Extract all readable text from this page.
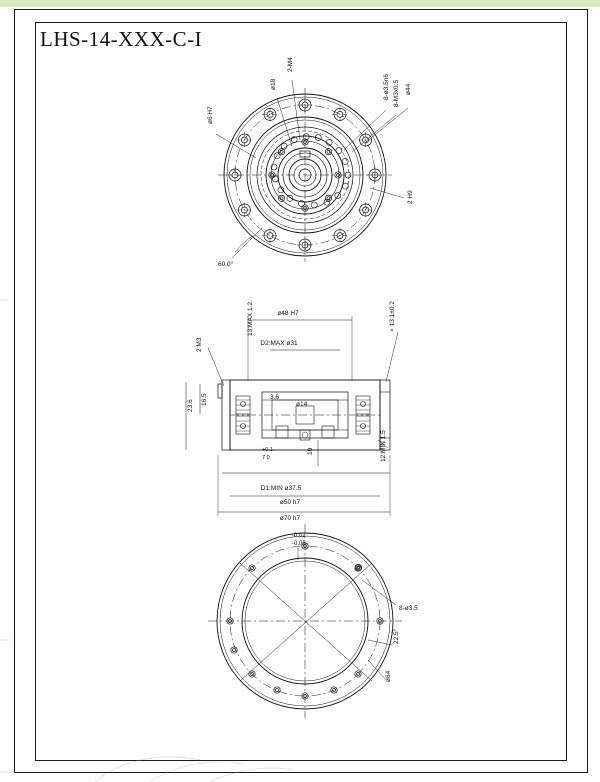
LHS-14-XXX-C-I
2-M4
ø18	8-ø3.5n6 8-M3x0.5 ø44
ø6 H7
2 H9
60.0°
ø48 H7
13:MAX 1.2
D2:MAX ø31
× 13.1±0.2
2 M3
16.5
23.6
3.6
ø14
10
+0.1
7 0	12:MIN 1.5
D1:MIN ø37.5
ø50 h7
ø70 h7
-0.02
-0.05
8-ø3.5
22.5°
ø64
